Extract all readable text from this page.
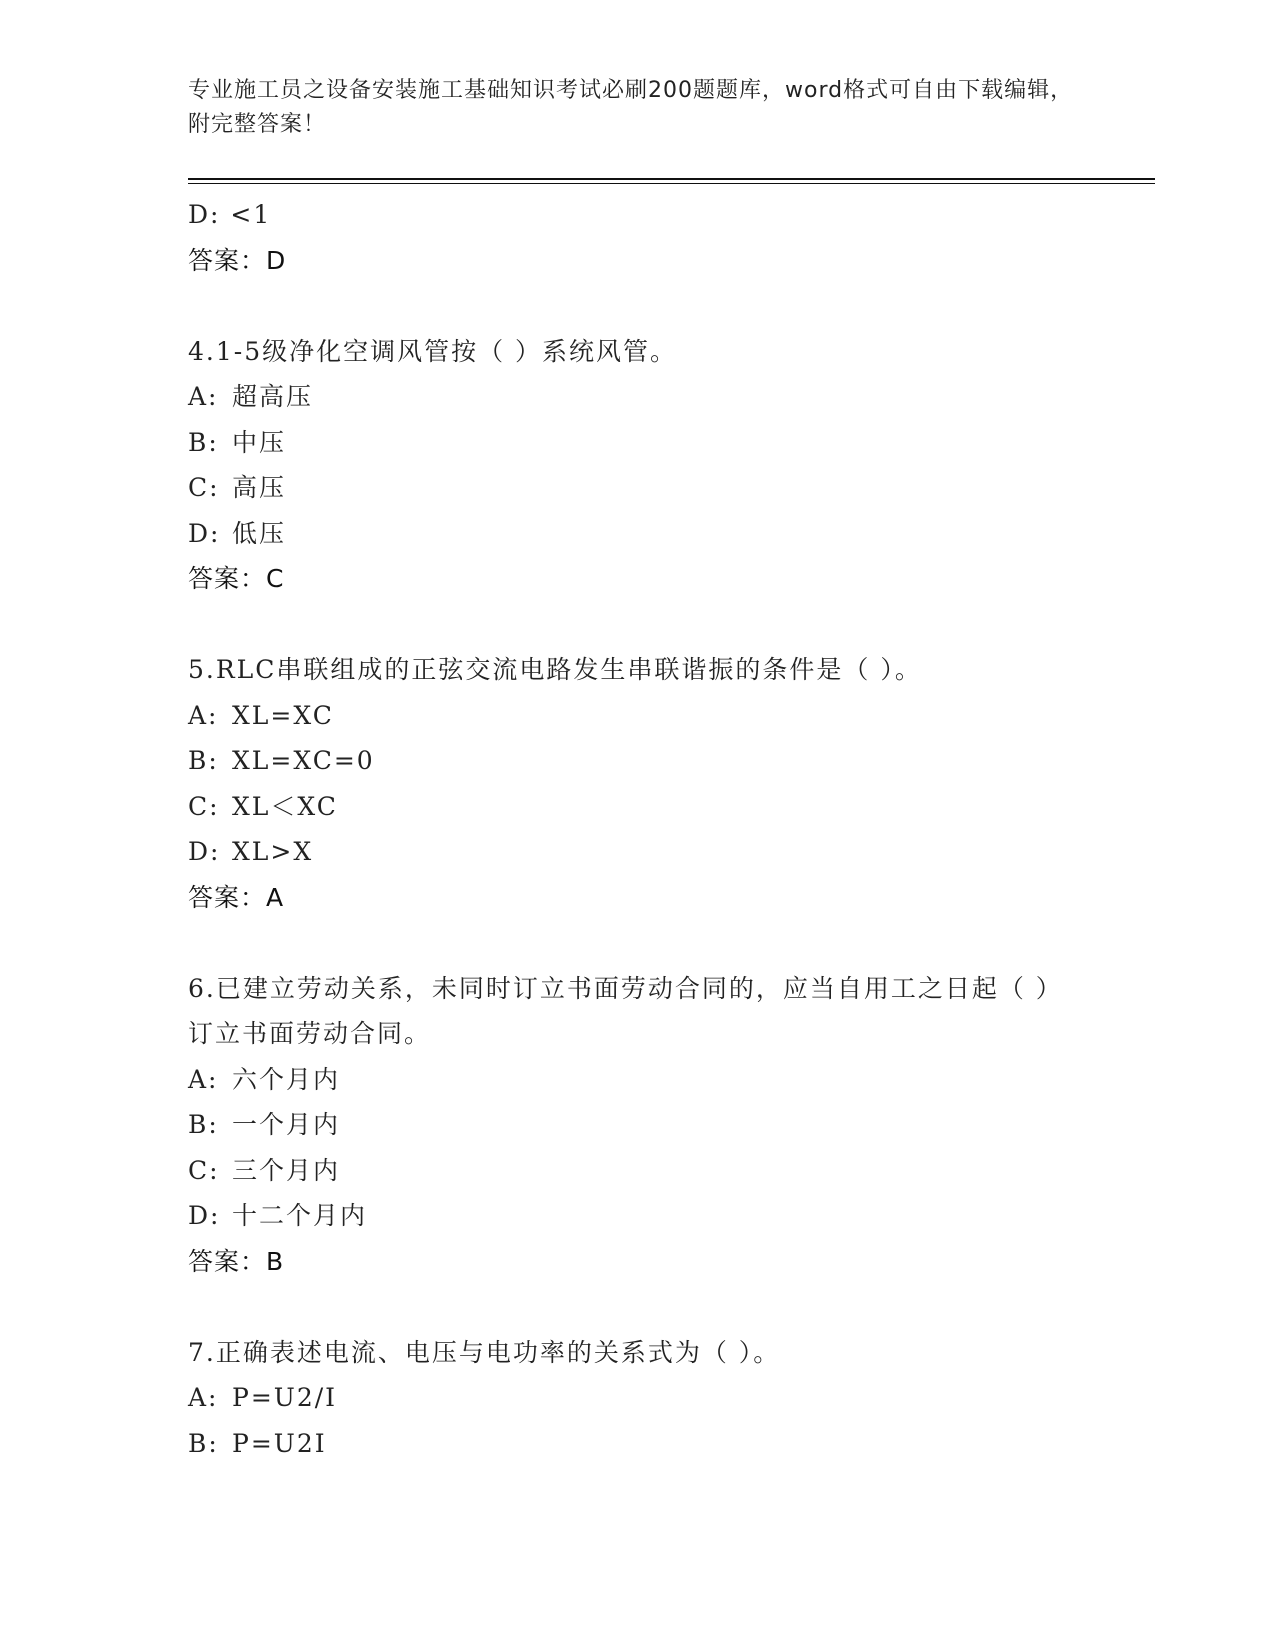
专业施工员之设备安装施工基础知识考试必刷200题题库，word格式可自由下载编辑，附完整答案！
D: <1
答案：D
4.1-5级净化空调风管按（ ）系统风管。
A: 超高压
B: 中压
C: 高压
D: 低压
答案：C
5.RLC串联组成的正弦交流电路发生串联谐振的条件是（ ）。
A: XL=XC
B: XL=XC=0
C: XL＜XC
D: XL>X
答案：A
6.已建立劳动关系，未同时订立书面劳动合同的，应当自用工之日起（ ）订立书面劳动合同。
A: 六个月内
B: 一个月内
C: 三个月内
D: 十二个月内
答案：B
7.正确表述电流、电压与电功率的关系式为（ ）。
A: P=U2/I
B: P=U2I
